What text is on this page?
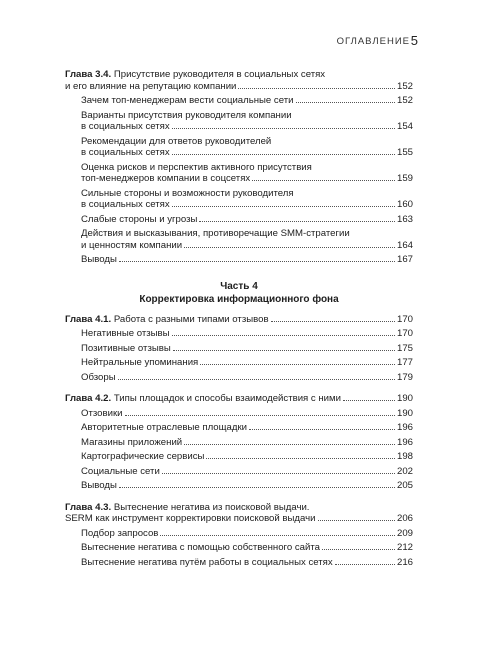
ОГЛАВЛЕНИЕ 5
Глава 3.4. Присутствие руководителя в социальных сетях
и его влияние на репутацию компании	152
Зачем топ-менеджерам вести социальные сети	152
Варианты присутствия руководителя компании
в социальных сетях	154
Рекомендации для ответов руководителей
в социальных сетях	155
Оценка рисков и перспектив активного присутствия
топ-менеджеров компании в соцсетях	159
Сильные стороны и возможности руководителя
в социальных сетях	160
Слабые стороны и угрозы	163
Действия и высказывания, противоречащие SMM-стратегии
и ценностям компании	164
Выводы	167
Часть 4
Корректировка информационного фона
Глава 4.1. Работа с разными типами отзывов	170
Негативные отзывы	170
Позитивные отзывы	175
Нейтральные упоминания	177
Обзоры	179
Глава 4.2. Типы площадок и способы взаимодействия с ними	190
Отзовики	190
Авторитетные отраслевые площадки	196
Магазины приложений	196
Картографические сервисы	198
Социальные сети	202
Выводы	205
Глава 4.3. Вытеснение негатива из поисковой выдачи.
SERM как инструмент корректировки поисковой выдачи	206
Подбор запросов	209
Вытеснение негатива с помощью собственного сайта	212
Вытеснение негатива путём работы в социальных сетях	216
